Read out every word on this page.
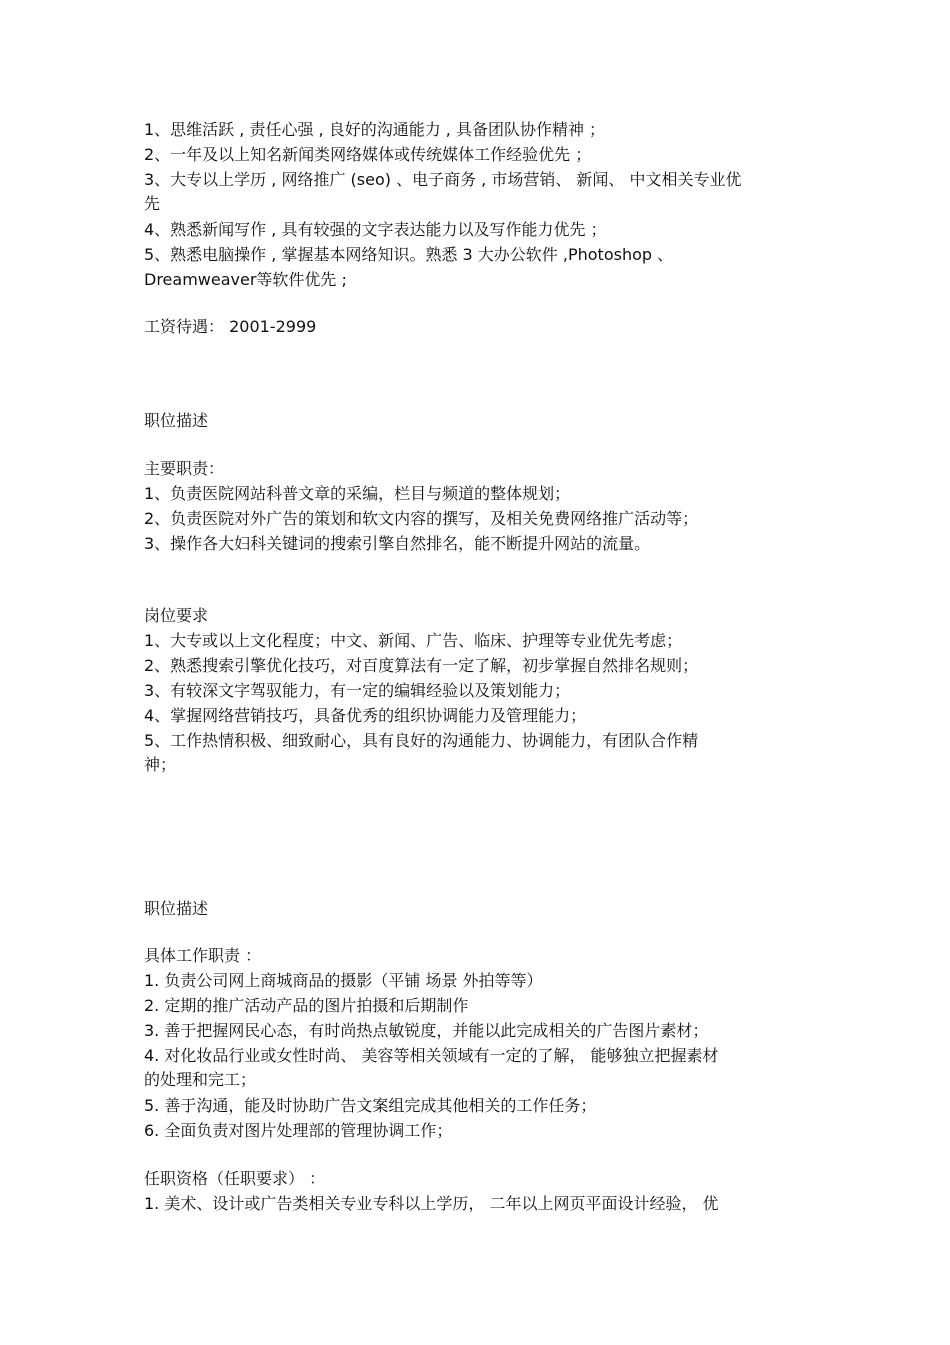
1、思维活跃 , 责任心强 , 良好的沟通能力 , 具备团队协作精神 ；
2、一年及以上知名新闻类网络媒体或传统媒体工作经验优先 ；
3、大专以上学历 , 网络推广 (seo) 、电子商务 , 市场营销、 新闻、 中文相关专业优
先
4、熟悉新闻写作 , 具有较强的文字表达能力以及写作能力优先 ；
5、熟悉电脑操作 , 掌握基本网络知识。熟悉 3 大办公软件 ,Photoshop 、
Dreamweaver等软件优先 ;
工资待遇： 2001-2999
职位描述
主要职责：
1、负责医院网站科普文章的采编，栏目与频道的整体规划；
2、负责医院对外广告的策划和软文内容的撰写，及相关免费网络推广活动等；
3、操作各大妇科关键词的搜索引擎自然排名，能不断提升网站的流量。
岗位要求
1、大专或以上文化程度；中文、新闻、广告、临床、护理等专业优先考虑；
2、熟悉搜索引擎优化技巧，对百度算法有一定了解，初步掌握自然排名规则；
3、有较深文字驾驭能力，有一定的编辑经验以及策划能力；
4、掌握网络营销技巧，具备优秀的组织协调能力及管理能力；
5、工作热情积极、细致耐心，具有良好的沟通能力、协调能力，有团队合作精
神；
职位描述
具体工作职责 ：
1. 负责公司网上商城商品的摄影（平铺 场景 外拍等等）
2. 定期的推广活动产品的图片拍摄和后期制作
3. 善于把握网民心态，有时尚热点敏锐度，并能以此完成相关的广告图片素材；
4. 对化妆品行业或女性时尚、 美容等相关领域有一定的了解， 能够独立把握素材
的处理和完工；
5. 善于沟通，能及时协助广告文案组完成其他相关的工作任务；
6. 全面负责对图片处理部的管理协调工作；
任职资格（任职要求） ：
1. 美术、设计或广告类相关专业专科以上学历， 二年以上网页平面设计经验， 优
